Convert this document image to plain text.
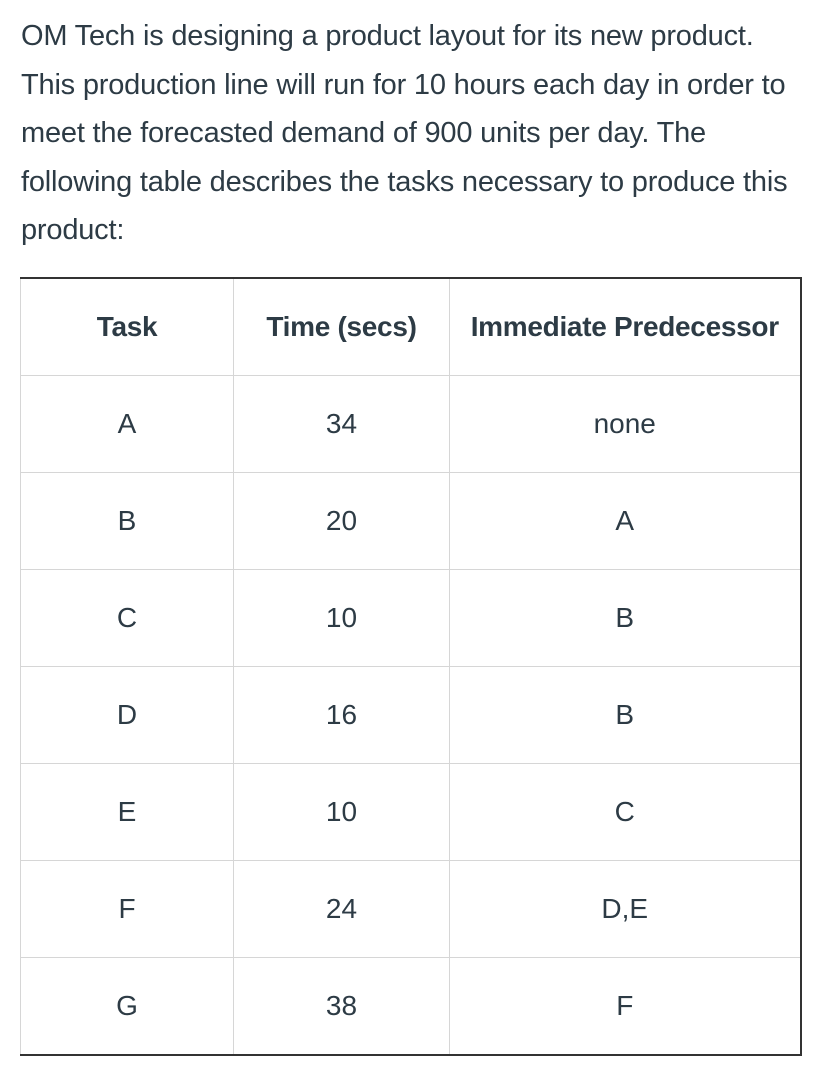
OM Tech is designing a product layout for its new product. This production line will run for 10 hours each day in order to meet the forecasted demand of 900 units per day. The following table describes the tasks necessary to produce this product:

Task	Time (secs)	Immediate Predecessor
A	34	none
B	20	A
C	10	B
D	16	B
E	10	C
F	24	D,E
G	38	F
